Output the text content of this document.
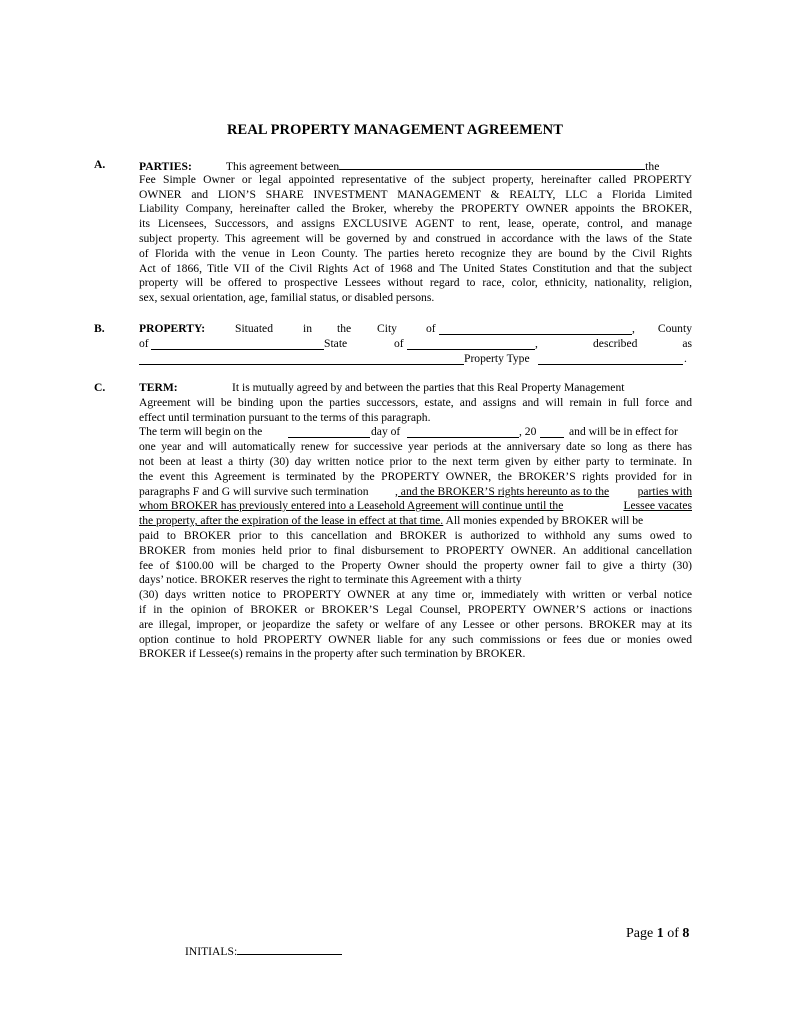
REAL PROPERTY MANAGEMENT AGREEMENT
A.	PARTIES:	This agreement between	the
Fee Simple Owner or legal appointed representative of the subject property, hereinafter called PROPERTY
OWNER and LION’S SHARE INVESTMENT MANAGEMENT & REALTY, LLC a Florida Limited
Liability Company, hereinafter called the Broker, whereby the PROPERTY OWNER appoints the BROKER,
its Licensees, Successors, and assigns EXCLUSIVE AGENT to rent, lease, operate, control, and manage
subject property. This agreement will be governed by and construed in accordance with the laws of the State
of Florida with the venue in Leon County. The parties hereto recognize they are bound by the Civil Rights
Act of 1866, Title VII of the Civil Rights Act of 1968 and The United States Constitution and that the subject
property will be offered to prospective Lessees without regard to race, color, ethnicity, nationality, religion,
sex, sexual orientation, age, familial status, or disabled persons.
B.	PROPERTY:	Situated	in the City	of	, County
of	State	of	,	described	as
Property Type	.
C.	TERM:	It is mutually agreed by and between the parties that this Real Property Management
Agreement will be binding upon the parties successors, estate, and assigns and will remain in full force and
effect until termination pursuant to the terms of this paragraph.
The term will begin on the	day of	, 20	and will be in effect for
one year and will automatically renew for successive year periods at the anniversary date so long as there has
not been at least a thirty (30) day written notice prior to the next term given by either party to terminate. In
the event this Agreement is terminated by the PROPERTY OWNER, the BROKER’S rights provided for in
paragraphs F and G will survive such termination , and the BROKER’S rights hereunto as to the parties with
whom BROKER has previously entered into a Leasehold Agreement will continue until the	Lessee vacates
the property, after the expiration of the lease in effect at that time. All monies expended by BROKER will be
paid to BROKER prior to this cancellation and BROKER is authorized to withhold any sums owed to
BROKER from monies held prior to final disbursement to PROPERTY OWNER. An additional cancellation
fee of $100.00 will be charged to the Property Owner should the property owner fail to give a thirty (30)
days’ notice. BROKER reserves the right to terminate this Agreement with a thirty
(30) days written notice to PROPERTY OWNER at any time or, immediately with written or verbal notice
if in the opinion of BROKER or BROKER’S Legal Counsel, PROPERTY OWNER’S actions or inactions
are illegal, improper, or jeopardize the safety or welfare of any Lessee or other persons. BROKER may at its
option continue to hold PROPERTY OWNER liable for any such commissions or fees due or monies owed
BROKER if Lessee(s) remains in the property after such termination by BROKER.
Page 1 of 8
INITIALS:
